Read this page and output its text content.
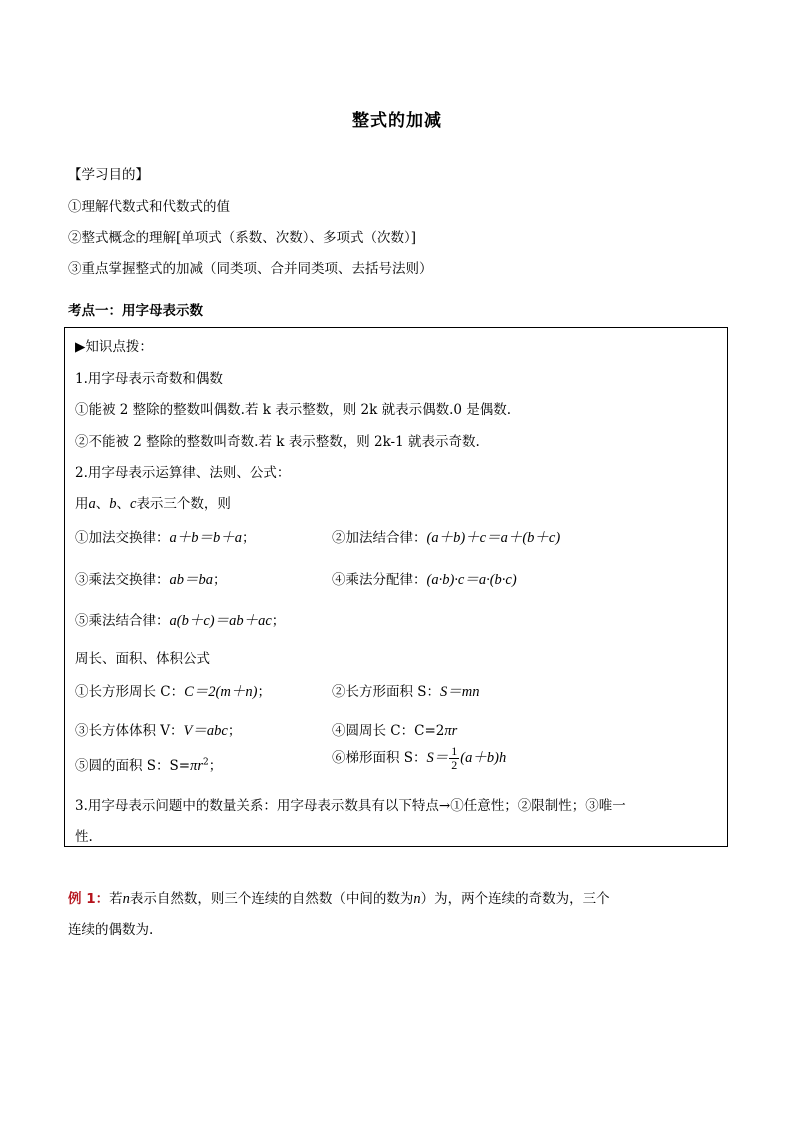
整式的加减
【学习目的】
①理解代数式和代数式的值
②整式概念的理解[单项式（系数、次数）、多项式（次数）]
③重点掌握整式的加减（同类项、合并同类项、去括号法则）
考点一：用字母表示数
▶知识点拨：
1.用字母表示奇数和偶数
①能被 2 整除的整数叫偶数.若 k 表示整数，则 2k 就表示偶数.0 是偶数.
②不能被 2 整除的整数叫奇数.若 k 表示整数，则 2k-1 就表示奇数.
2.用字母表示运算律、法则、公式：
用a、b、c表示三个数，则
①加法交换律：a＋b＝b＋a；	②加法结合律：(a＋b)＋c＝a＋(b＋c)
③乘法交换律：ab＝ba；	④乘法分配律：(a·b)·c＝a·(b·c)
⑤乘法结合律：a(b＋c)＝ab＋ac；
周长、面积、体积公式
①长方形周长 C：C＝2(m＋n)；	②长方形面积 S：S＝mn
③长方体体积 V：V＝abc；	④圆周长 C：C=2πr
⑤圆的面积 S：$S=\pi r^2$；	⑥梯形面积 S：$S= \frac{1}{2} (a+b)h$
3.用字母表示问题中的数量关系：用字母表示数具有以下特点→①任意性；②限制性；③唯一
性.
例 1：若n表示自然数，则三个连续的自然数（中间的数为n）为，两个连续的奇数为，三个
连续的偶数为.
